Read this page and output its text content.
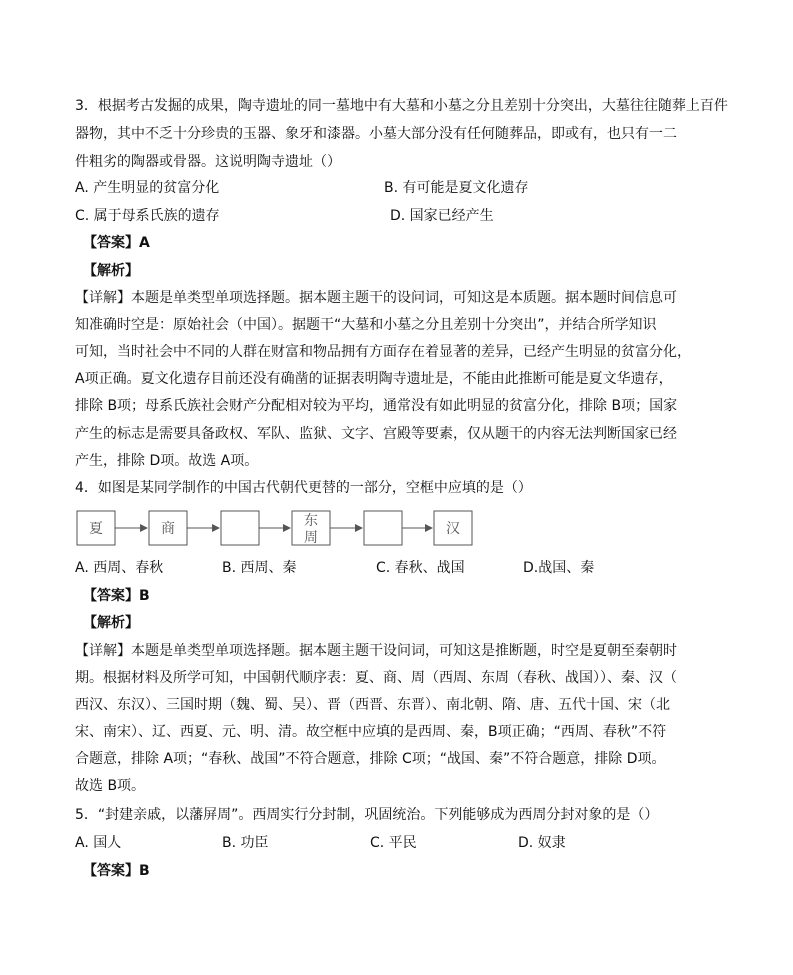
3．根据考古发掘的成果，陶寺遗址的同一墓地中有大墓和小墓之分且差别十分突出，大墓往往随葬上百件
器物，其中不乏十分珍贵的玉器、象牙和漆器。小墓大部分没有任何随葬品，即或有，也只有一二
件粗劣的陶器或骨器。这说明陶寺遗址（）
A. 产生明显的贫富分化	B. 有可能是夏文化遗存
C. 属于母系氏族的遗存	D. 国家已经产生
【答案】A
【解析】
【详解】本题是单类型单项选择题。据本题主题干的设问词，可知这是本质题。据本题时间信息可
知准确时空是：原始社会（中国）。据题干“大墓和小墓之分且差别十分突出”，并结合所学知识
可知，当时社会中不同的人群在财富和物品拥有方面存在着显著的差异，已经产生明显的贫富分化，
A项正确。夏文化遗存目前还没有确凿的证据表明陶寺遗址是，不能由此推断可能是夏文华遗存，
排除 B项；母系氏族社会财产分配相对较为平均，通常没有如此明显的贫富分化，排除 B项；国家
产生的标志是需要具备政权、军队、监狱、文字、宫殿等要素，仅从题干的内容无法判断国家已经
产生，排除 D项。故选 A项。
4．如图是某同学制作的中国古代朝代更替的一部分，空框中应填的是（）
夏	商	东
周
汉
A. 西周、春秋	B. 西周、秦	C. 春秋、战国	D.战国、秦
【答案】B
【解析】
【详解】本题是单类型单项选择题。据本题主题干设问词，可知这是推断题，时空是夏朝至秦朝时
期。根据材料及所学可知，中国朝代顺序表：夏、商、周（西周、东周（春秋、战国））、秦、汉（
西汉、东汉）、三国时期（魏、蜀、吴）、晋（西晋、东晋）、南北朝、隋、唐、五代十国、宋（北
宋、南宋）、辽、西夏、元、明、清。故空框中应填的是西周、秦，B项正确；“西周、春秋”不符
合题意，排除 A项；“春秋、战国”不符合题意，排除 C项；“战国、秦”不符合题意，排除 D项。
故选 B项。
5．“封建亲戚，以藩屏周”。西周实行分封制，巩固统治。下列能够成为西周分封对象的是（）
A. 国人	B. 功臣	C. 平民	D. 奴隶
【答案】B
